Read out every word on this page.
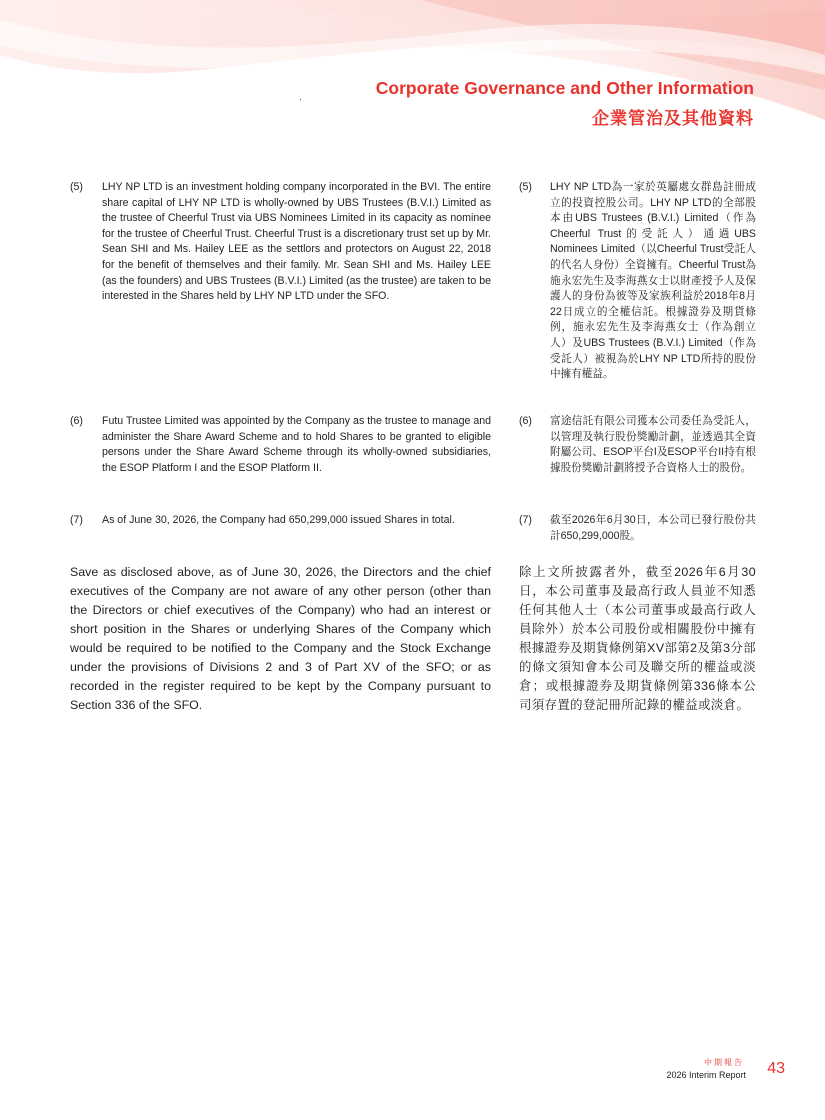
Corporate Governance and Other Information
企業管治及其他資料
(5)	LHY NP LTD is an investment holding company incorporated in the BVI. The entire share capital of LHY NP LTD is wholly-owned by UBS Trustees (B.V.I.) Limited as the trustee of Cheerful Trust via UBS Nominees Limited in its capacity as nominee for the trustee of Cheerful Trust. Cheerful Trust is a discretionary trust set up by Mr. Sean SHI and Ms. Hailey LEE as the settlors and protectors on August 22, 2018 for the benefit of themselves and their family. Mr. Sean SHI and Ms. Hailey LEE (as the founders) and UBS Trustees (B.V.I.) Limited (as the trustee) are taken to be interested in the Shares held by LHY NP LTD under the SFO.
(6)	Futu Trustee Limited was appointed by the Company as the trustee to manage and administer the Share Award Scheme and to hold Shares to be granted to eligible persons under the Share Award Scheme through its wholly-owned subsidiaries, the ESOP Platform I and the ESOP Platform II.
(7)	As of June 30, 2026, the Company had 650,299,000 issued Shares in total.
Save as disclosed above, as of June 30, 2026, the Directors and the chief executives of the Company are not aware of any other person (other than the Directors or chief executives of the Company) who had an interest or short position in the Shares or underlying Shares of the Company which would be required to be notified to the Company and the Stock Exchange under the provisions of Divisions 2 and 3 of Part XV of the SFO; or as recorded in the register required to be kept by the Company pursuant to Section 336 of the SFO.
(5)	LHY NP LTD為一家於英屬處女群島註冊成立的投資控股公司。LHY NP LTD的全部股本由UBS Trustees (B.V.I.) Limited（作為Cheerful Trust的受託人）通過UBS Nominees Limited（以Cheerful Trust受託人的代名人身份）全資擁有。Cheerful Trust為施永宏先生及李海燕女士以財產授予人及保護人的身份為彼等及家族利益於2018年8月22日成立的全權信託。根據證券及期貨條例，施永宏先生及李海燕女士（作為創立人）及UBS Trustees (B.V.I.) Limited（作為受託人）被視為於LHY NP LTD所持的股份中擁有權益。
(6)	富途信託有限公司獲本公司委任為受託人，以管理及執行股份獎勵計劃，並透過其全資附屬公司、ESOP平台I及ESOP平台II持有根據股份獎勵計劃將授予合資格人士的股份。
(7)	截至2026年6月30日，本公司已發行股份共計650,299,000股。
除上文所披露者外，截至2026年6月30日，本公司董事及最高行政人員並不知悉任何其他人士（本公司董事或最高行政人員除外）於本公司股份或相關股份中擁有根據證券及期貨條例第XV部第2及第3分部的條文須知會本公司及聯交所的權益或淡倉；或根據證券及期貨條例第336條本公司須存置的登記冊所記錄的權益或淡倉。
中期報告
2026 Interim Report 43
